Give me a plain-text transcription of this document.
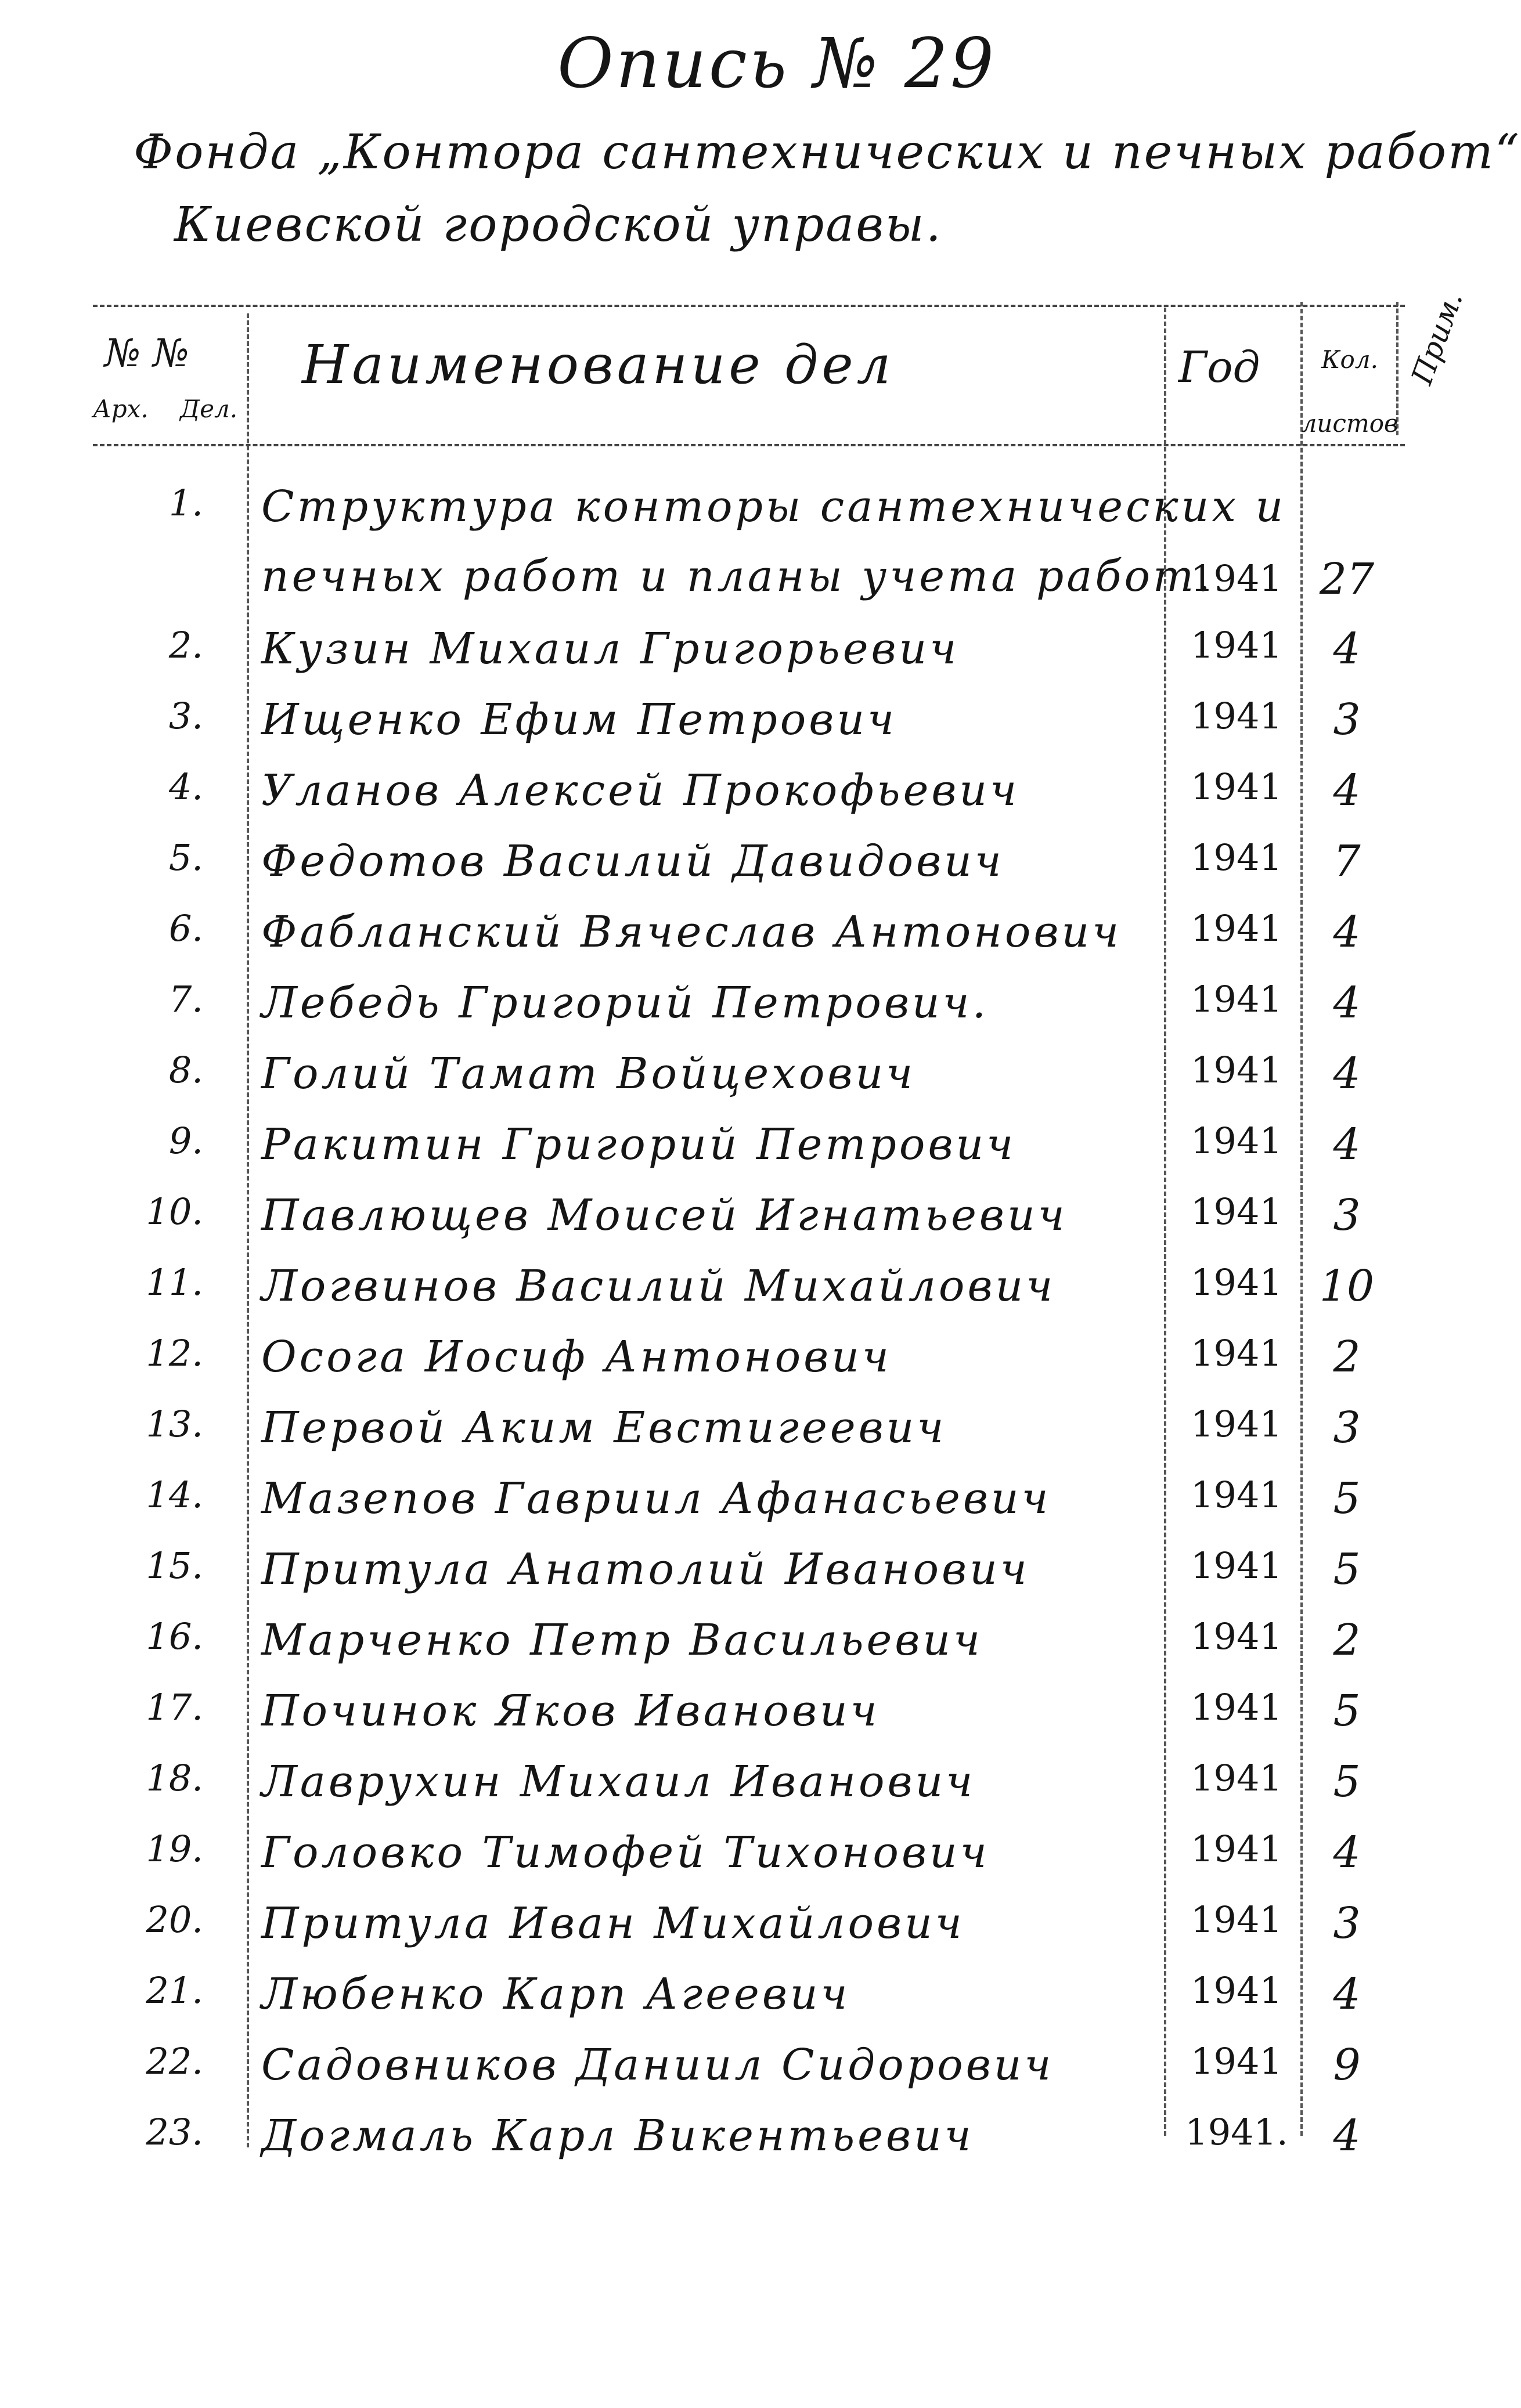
Опись № 29
Фонда „Контора сантехнических и печных работ“
Киевской городской управы.
№ №
Арх. Дел.
Наименование дел	Год	Кол. листов
Прим.
1. Структура конторы сантехнических и
печных работ и планы учета работ.
1941 27
2. Кузин Михаил Григорьевич	1941	4
3. Ищенко Ефим Петрович	1941	3
4. Уланов Алексей Прокофьевич	1941	4
5. Федотов Василий Давидович	1941	7
6. Фабланский Вячеслав Антонович	1941	4
7. Лебедь Григорий Петрович.	1941	4
8. Голий Тамат Войцехович	1941	4
9. Ракитин Григорий Петрович	1941	4
10. Павлющев Моисей Игнатьевич	1941	3
11. Логвинов Василий Михайлович	1941 10
12. Осога Иосиф Антонович	1941	2
13. Первой Аким Евстигеевич	1941	3
14. Мазепов Гавриил Афанасьевич	1941	5
15. Притула Анатолий Иванович	1941	5
16. Марченко Петр Васильевич	1941	2
17. Починок Яков Иванович	1941	5
18. Лаврухин Михаил Иванович	1941	5
19. Головко Тимофей Тихонович	1941	4
20. Притула Иван Михайлович	1941	3
21. Любенко Карп Агеевич	1941	4
22. Садовников Даниил Сидорович	1941	9
23. Догмаль Карл Викентьевич	1941.	4
